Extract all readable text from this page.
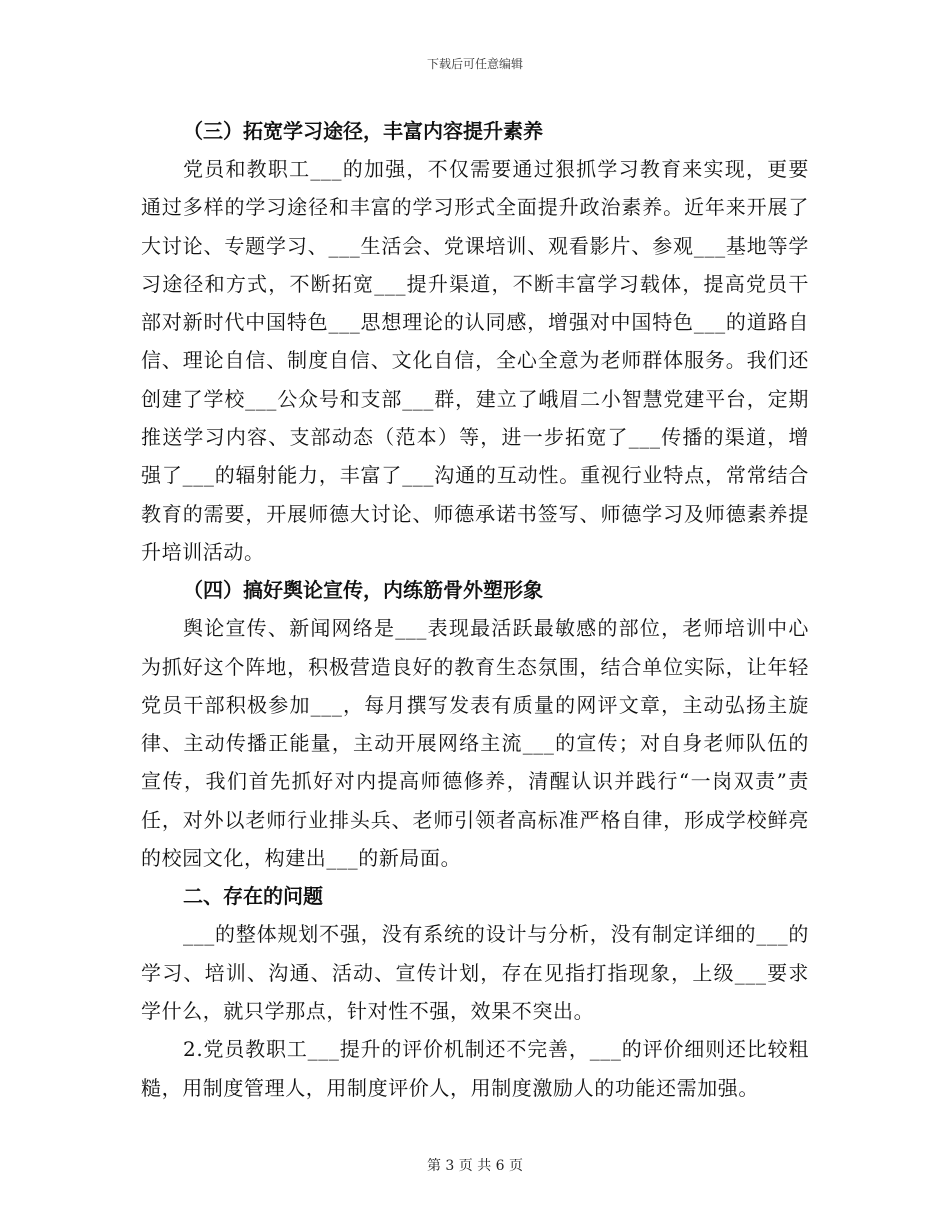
下载后可任意编辑
（三）拓宽学习途径，丰富内容提升素养

党员和教职工___的加强，不仅需要通过狠抓学习教育来实现，更要通过多样的学习途径和丰富的学习形式全面提升政治素养。近年来开展了大讨论、专题学习、___生活会、党课培训、观看影片、参观___基地等学习途径和方式，不断拓宽___提升渠道，不断丰富学习载体，提高党员干部对新时代中国特色___思想理论的认同感，增强对中国特色___的道路自信、理论自信、制度自信、文化自信，全心全意为老师群体服务。我们还创建了学校___公众号和支部___群，建立了峨眉二小智慧党建平台，定期推送学习内容、支部动态（范本）等，进一步拓宽了___传播的渠道，增强了___的辐射能力，丰富了___沟通的互动性。重视行业特点，常常结合教育的需要，开展师德大讨论、师德承诺书签写、师德学习及师德素养提升培训活动。

（四）搞好舆论宣传，内练筋骨外塑形象

舆论宣传、新闻网络是___表现最活跃最敏感的部位，老师培训中心为抓好这个阵地，积极营造良好的教育生态氛围，结合单位实际，让年轻党员干部积极参加___，每月撰写发表有质量的网评文章，主动弘扬主旋律、主动传播正能量，主动开展网络主流___的宣传；对自身老师队伍的宣传，我们首先抓好对内提高师德修养，清醒认识并践行“一岗双责”责任，对外以老师行业排头兵、老师引领者高标准严格自律，形成学校鲜亮的校园文化，构建出___的新局面。

二、存在的问题

___的整体规划不强，没有系统的设计与分析，没有制定详细的___的学习、培训、沟通、活动、宣传计划，存在见指打指现象，上级___要求学什么，就只学那点，针对性不强，效果不突出。

2.党员教职工___提升的评价机制还不完善，___的评价细则还比较粗糙，用制度管理人，用制度评价人，用制度激励人的功能还需加强。

第 3 页 共 6 页
